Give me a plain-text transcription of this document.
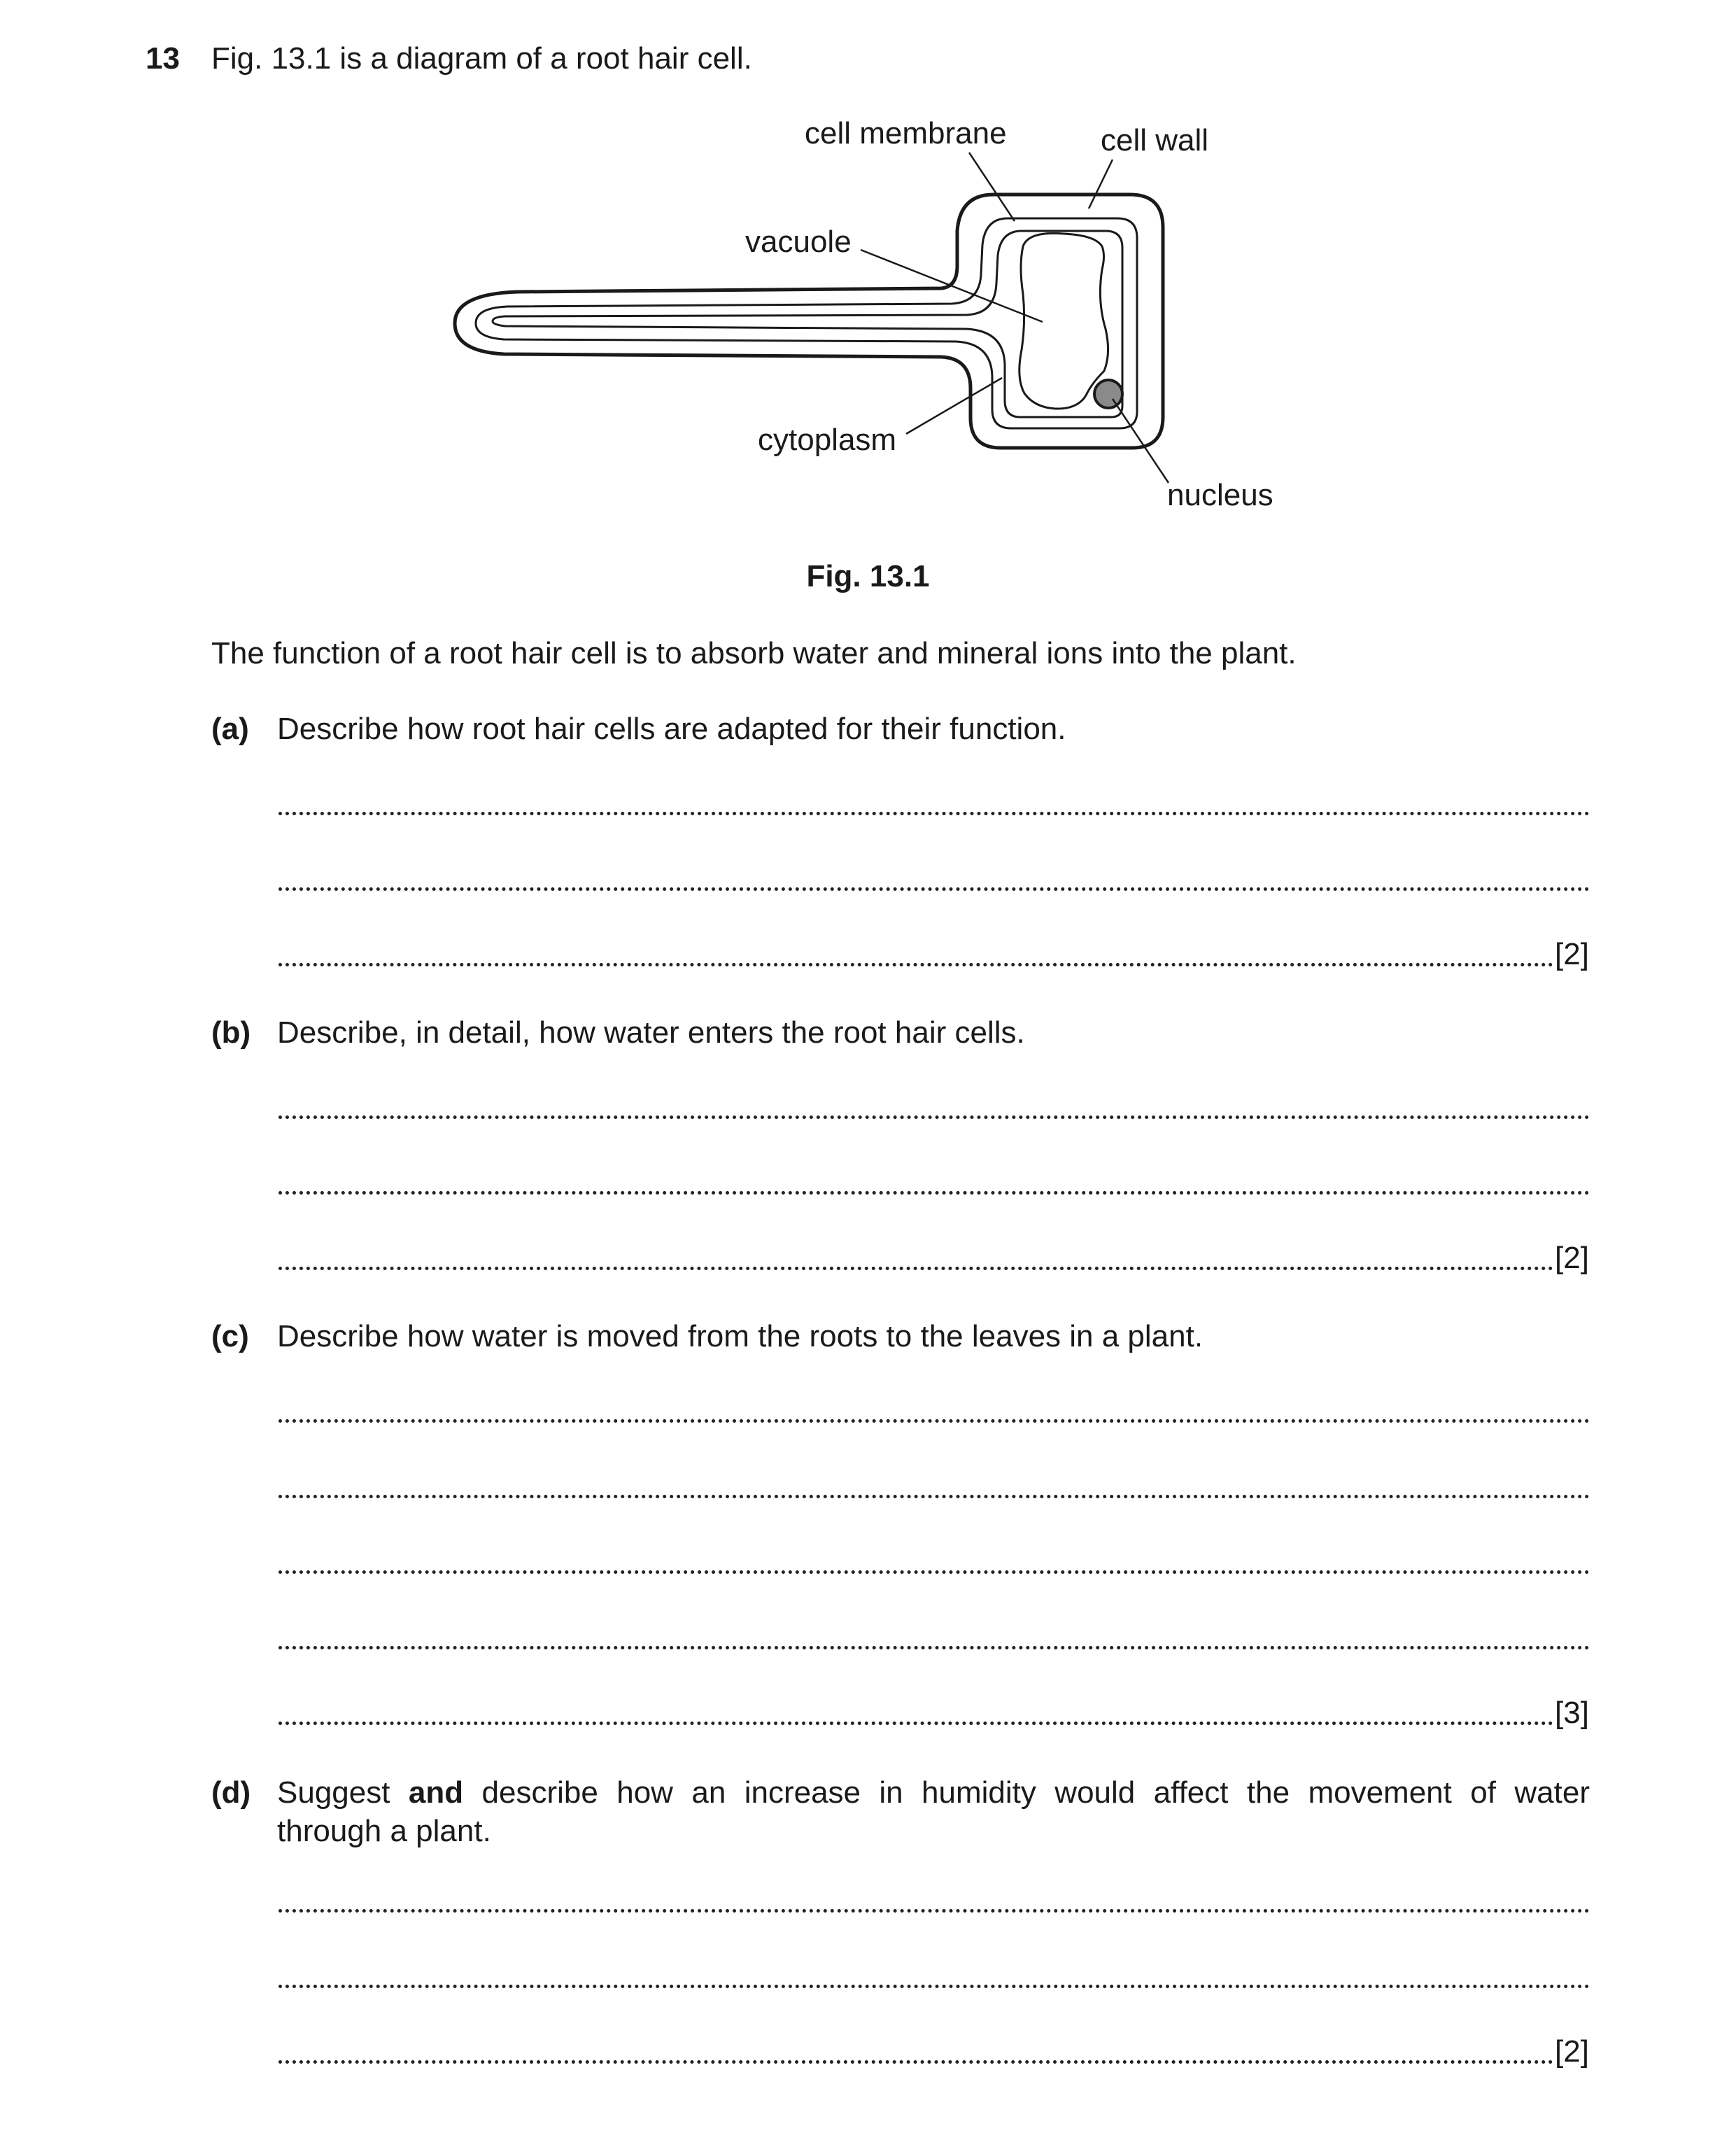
13 Fig. 13.1 is a diagram of a root hair cell.
cell membrane	cell wall
vacuole
cytoplasm
nucleus
Fig. 13.1
The function of a root hair cell is to absorb water and mineral ions into the plant.
(a) Describe how root hair cells are adapted for their function.
[2]
(b) Describe, in detail, how water enters the root hair cells.
[2]
(c) Describe how water is moved from the roots to the leaves in a plant.
[3]
(d) Suggest and describe how an increase in humidity would affect the movement of water
through a plant.
[2]
